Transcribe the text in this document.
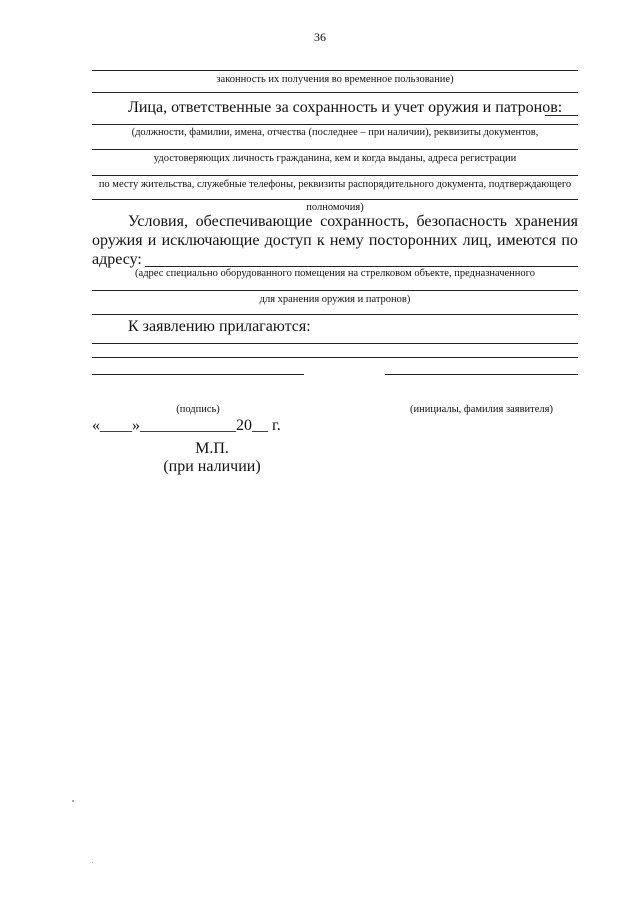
36
законность их получения во временное пользование)
Лица, ответственные за сохранность и учет оружия и патронов:
(должности, фамилии, имена, отчества (последнее – при наличии), реквизиты документов,
удостоверяющих личность гражданина, кем и когда выданы, адреса регистрации
по месту жительства, служебные телефоны, реквизиты распорядительного документа, подтверждающего
полномочия)
Условия, обеспечивающие сохранность, безопасность хранения
оружия и исключающие доступ к нему посторонних лиц, имеются по
адресу:
(адрес специально оборудованного помещения на стрелковом объекте, предназначенного
для хранения оружия и патронов)
К заявлению прилагаются:
(подпись)	(инициалы, фамилия заявителя)
«____»____________20__ г.
М.П.
(при наличии)
